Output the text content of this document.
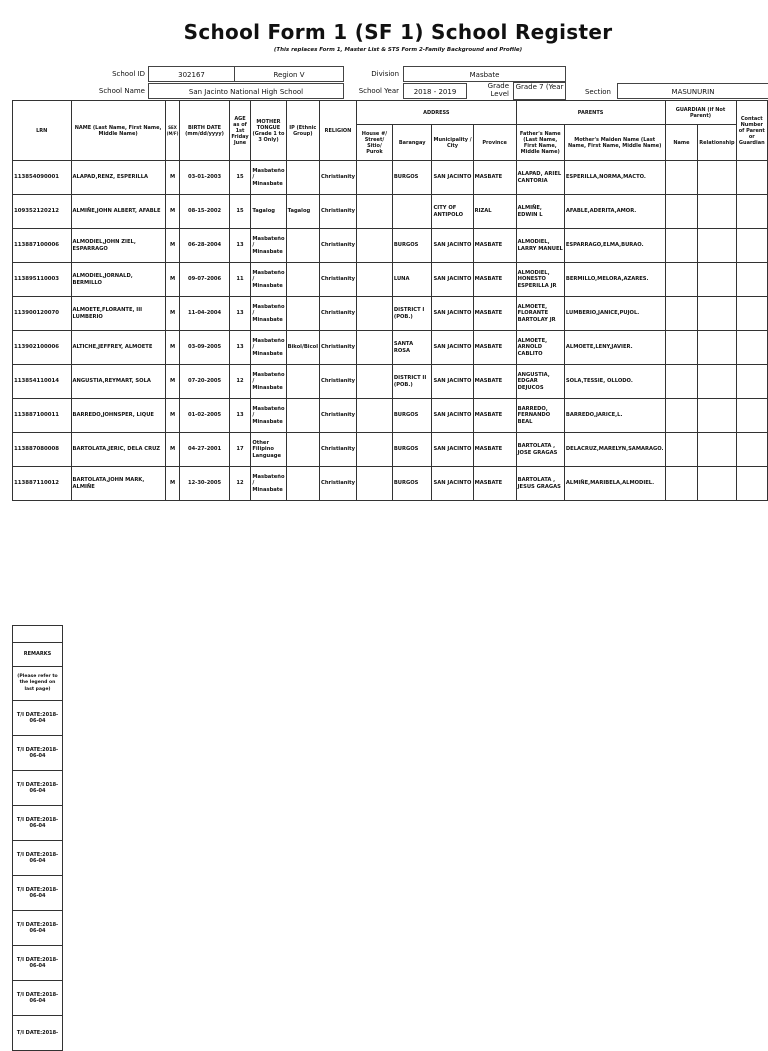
School Form 1 (SF 1) School Register
(This replaces Form 1, Master List & STS Form 2-Family Background and Profile)
School ID	302167	Region V	Division	Masbate
School Name	San Jacinto National High School	School Year	2018 - 2019
Grade Level
Grade 7 (Year
Section	MASUNURIN
LRN	NAME (Last Name, First Name, Middle Name)	SEX (M/F)	BIRTH DATE (mm/dd/yyyy)	AGE as of 1st Friday June	MOTHER TONGUE (Grade 1 to 3 Only)	IP (Ethnic Group)	RELIGION	ADDRESS				PARENTS		GUARDIAN (if Not Parent)		Contact Number of Parent or Guardian
								House #/ Street/ Sitio/ Purok	Barangay	Municipality / City	Province	Father's Name (Last Name, First Name, Middle Name)	Mother's Maiden Name (Last Name, First Name, Middle Name)	Name	Relationship	
113854090001	ALAPAD,RENZ, ESPERILLA	M	03-01-2003	15	Masbateño / Minasbate		Christianity		BURGOS	SAN JACINTO	MASBATE	ALAPAD, ARIEL CANTORIA	ESPERILLA,NORMA,MACTO.			
109352120212	ALMIÑE,JOHN ALBERT, AFABLE	M	08-15-2002	15	Tagalog	Tagalog	Christianity			CITY OF ANTIPOLO	RIZAL	ALMIÑE, EDWIN L	AFABLE,ADERITA,AMOR.			
113887100006	ALMODIEL,JOHN ZIEL, ESPARRAGO	M	06-28-2004	13	Masbateño / Minasbate		Christianity		BURGOS	SAN JACINTO	MASBATE	ALMODIEL, LARRY MANUEL	ESPARRAGO,ELMA,BURAO.			
113895110003	ALMODIEL,JORNALD, BERMILLO	M	09-07-2006	11	Masbateño / Minasbate		Christianity		LUNA	SAN JACINTO	MASBATE	ALMODIEL, HONESTO ESPERILLA JR	BERMILLO,MELORA,AZARES.			
113900120070	ALMOETE,FLORANTE, III LUMBERIO	M	11-04-2004	13	Masbateño / Minasbate		Christianity		DISTRICT I (POB.)	SAN JACINTO	MASBATE	ALMOETE, FLORANTE BARTOLAY JR	LUMBERIO,JANICE,PUJOL.			
113902100006	ALTICHE,JEFFREY, ALMOETE	M	03-09-2005	13	Masbateño / Minasbate	Bikol/Bicol	Christianity		SANTA ROSA	SAN JACINTO	MASBATE	ALMOETE, ARNOLD CABLITO	ALMOETE,LENY,JAVIER.			
113854110014	ANGUSTIA,REYMART, SOLA	M	07-20-2005	12	Masbateño / Minasbate		Christianity		DISTRICT II (POB.)	SAN JACINTO	MASBATE	ANGUSTIA, EDGAR DEJUCOS	SOLA,TESSIE, OLLODO.			
113887100011	BARREDO,JOHNSPER, LIQUE	M	01-02-2005	13	Masbateño / Minasbate		Christianity		BURGOS	SAN JACINTO	MASBATE	BARREDO, FERNANDO BEAL	BARREDO,JARICE,L.			
113887080008	BARTOLATA,JERIC, DELA CRUZ	M	04-27-2001	17	Other Filipino Language		Christianity		BURGOS	SAN JACINTO	MASBATE	BARTOLATA , JOSE GRAGAS	DELACRUZ,MARELYN,SAMARAGO.			
113887110012	BARTOLATA,JOHN MARK, ALMIÑE	M	12-30-2005	12	Masbateño / Minasbate		Christianity		BURGOS	SAN JACINTO	MASBATE	BARTOLATA , JESUS GRAGAS	ALMIÑE,MARIBELA,ALMODIEL.			

REMARKS
(Please refer to the legend on last page)
T/I DATE:2018-06-04
T/I DATE:2018-06-04
T/I DATE:2018-06-04
T/I DATE:2018-06-04
T/I DATE:2018-06-04
T/I DATE:2018-06-04
T/I DATE:2018-06-04
T/I DATE:2018-06-04
T/I DATE:2018-06-04
T/I DATE:2018-
